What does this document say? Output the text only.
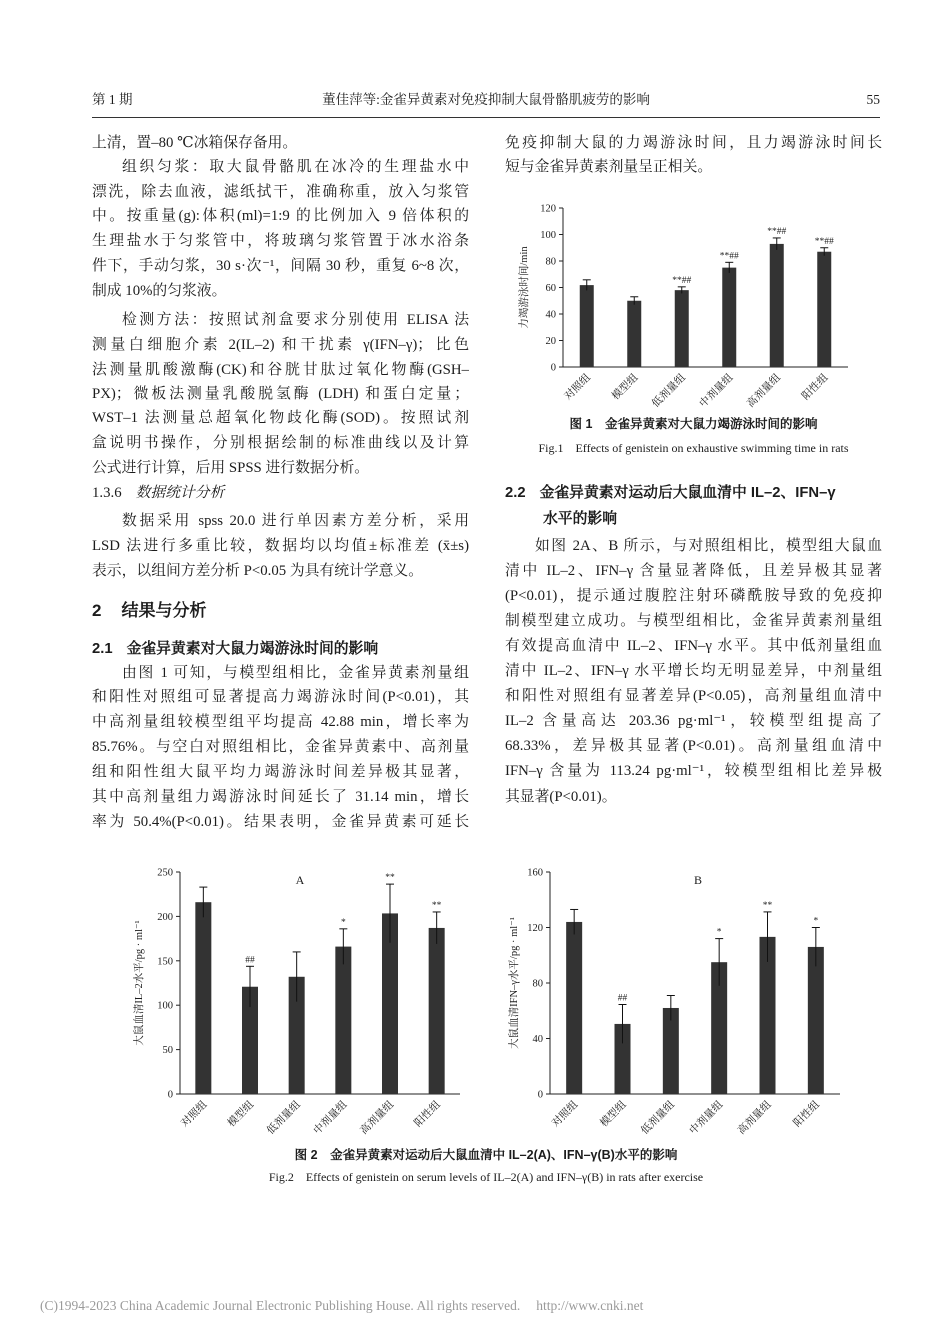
第 1 期	董佳萍等:金雀异黄素对免疫抑制大鼠骨骼肌疲劳的影响	55
上清，置–80 ℃冰箱保存备用。
组织匀浆：取大鼠骨骼肌在冰冷的生理盐水中
漂洗，除去血液，滤纸拭干，准确称重，放入匀浆管
中。按重量(g):体积(ml)=1:9 的比例加入 9 倍体积的
生理盐水于匀浆管中，将玻璃匀浆管置于冰水浴条
件下，手动匀浆，30 s·次⁻¹，间隔 30 秒，重复 6~8 次，
制成 10%的匀浆液。
检测方法：按照试剂盒要求分别使用 ELISA 法
测量白细胞介素 2(IL–2) 和干扰素 γ(IFN–γ)；比色
法测量肌酸激酶(CK)和谷胱甘肽过氧化物酶(GSH–
PX)；微板法测量乳酸脱氢酶 (LDH) 和蛋白定量；
WST–1 法测量总超氧化物歧化酶(SOD)。按照试剂
盒说明书操作，分别根据绘制的标准曲线以及计算
公式进行计算，后用 SPSS 进行数据分析。
1.3.6 数据统计分析
数据采用 spss 20.0 进行单因素方差分析，采用
LSD 法进行多重比较，数据均以均值±标准差 (x̄±s)
表示，以组间方差分析 P<0.05 为具有统计学意义。
2 结果与分析
2.1 金雀异黄素对大鼠力竭游泳时间的影响
由图 1 可知，与模型组相比，金雀异黄素剂量组
和阳性对照组可显著提高力竭游泳时间(P<0.01)，其
中高剂量组较模型组平均提高 42.88 min，增长率为
85.76%。与空白对照组相比，金雀异黄素中、高剂量
组和阳性组大鼠平均力竭游泳时间差异极其显著，
其中高剂量组力竭游泳时间延长了 31.14 min，增长
率为 50.4%(P<0.01)。结果表明，金雀异黄素可延长
免疫抑制大鼠的力竭游泳时间，且力竭游泳时间长
短与金雀异黄素剂量呈正相关。
0
20
40
60
80
100
120
对照组 模型组
**##
低剂量组
**##
中剂量组
**##
高剂量组
**##
阳性组
力竭游泳时间/min
图 1　金雀异黄素对大鼠力竭游泳时间的影响
Fig.1　Effects of genistein on exhaustive swimming time in rats
2.2 金雀异黄素对运动后大鼠血清中 IL–2、IFN–γ
水平的影响
如图 2A、B 所示，与对照组相比，模型组大鼠血
清中 IL–2、IFN–γ 含量显著降低，且差异极其显著
(P<0.01)，提示通过腹腔注射环磷酰胺导致的免疫抑
制模型建立成功。与模型组相比，金雀异黄素剂量组
有效提高血清中 IL–2、IFN–γ 水平。其中低剂量组血
清中 IL–2、IFN–γ 水平增长均无明显差异，中剂量组
和阳性对照组有显著差异(P<0.05)，高剂量组血清中
IL–2 含量高达 203.36 pg·ml⁻¹，较模型组提高了
68.33%，差异极其显著(P<0.01)。高剂量组血清中
IFN–γ 含量为 113.24 pg·ml⁻¹，较模型组相比差异极
其显著(P<0.01)。
0
50
100
150
200
250
对照组
##
模型组 低剂量组
*
中剂量组
**
高剂量组
**
阳性组
大鼠血清IL–2水平/pg · ml⁻¹
A
0
40
80
120
160
对照组
##
模型组 低剂量组
*
中剂量组
**
高剂量组
*
阳性组
大鼠血清IFN–γ水平/pg · ml⁻¹
B
图 2　金雀异黄素对运动后大鼠血清中 IL–2(A)、IFN–γ(B)水平的影响
Fig.2　Effects of genistein on serum levels of IL–2(A) and IFN–γ(B) in rats after exercise
(C)1994-2023 China Academic Journal Electronic Publishing House. All rights reserved. http://www.cnki.net
